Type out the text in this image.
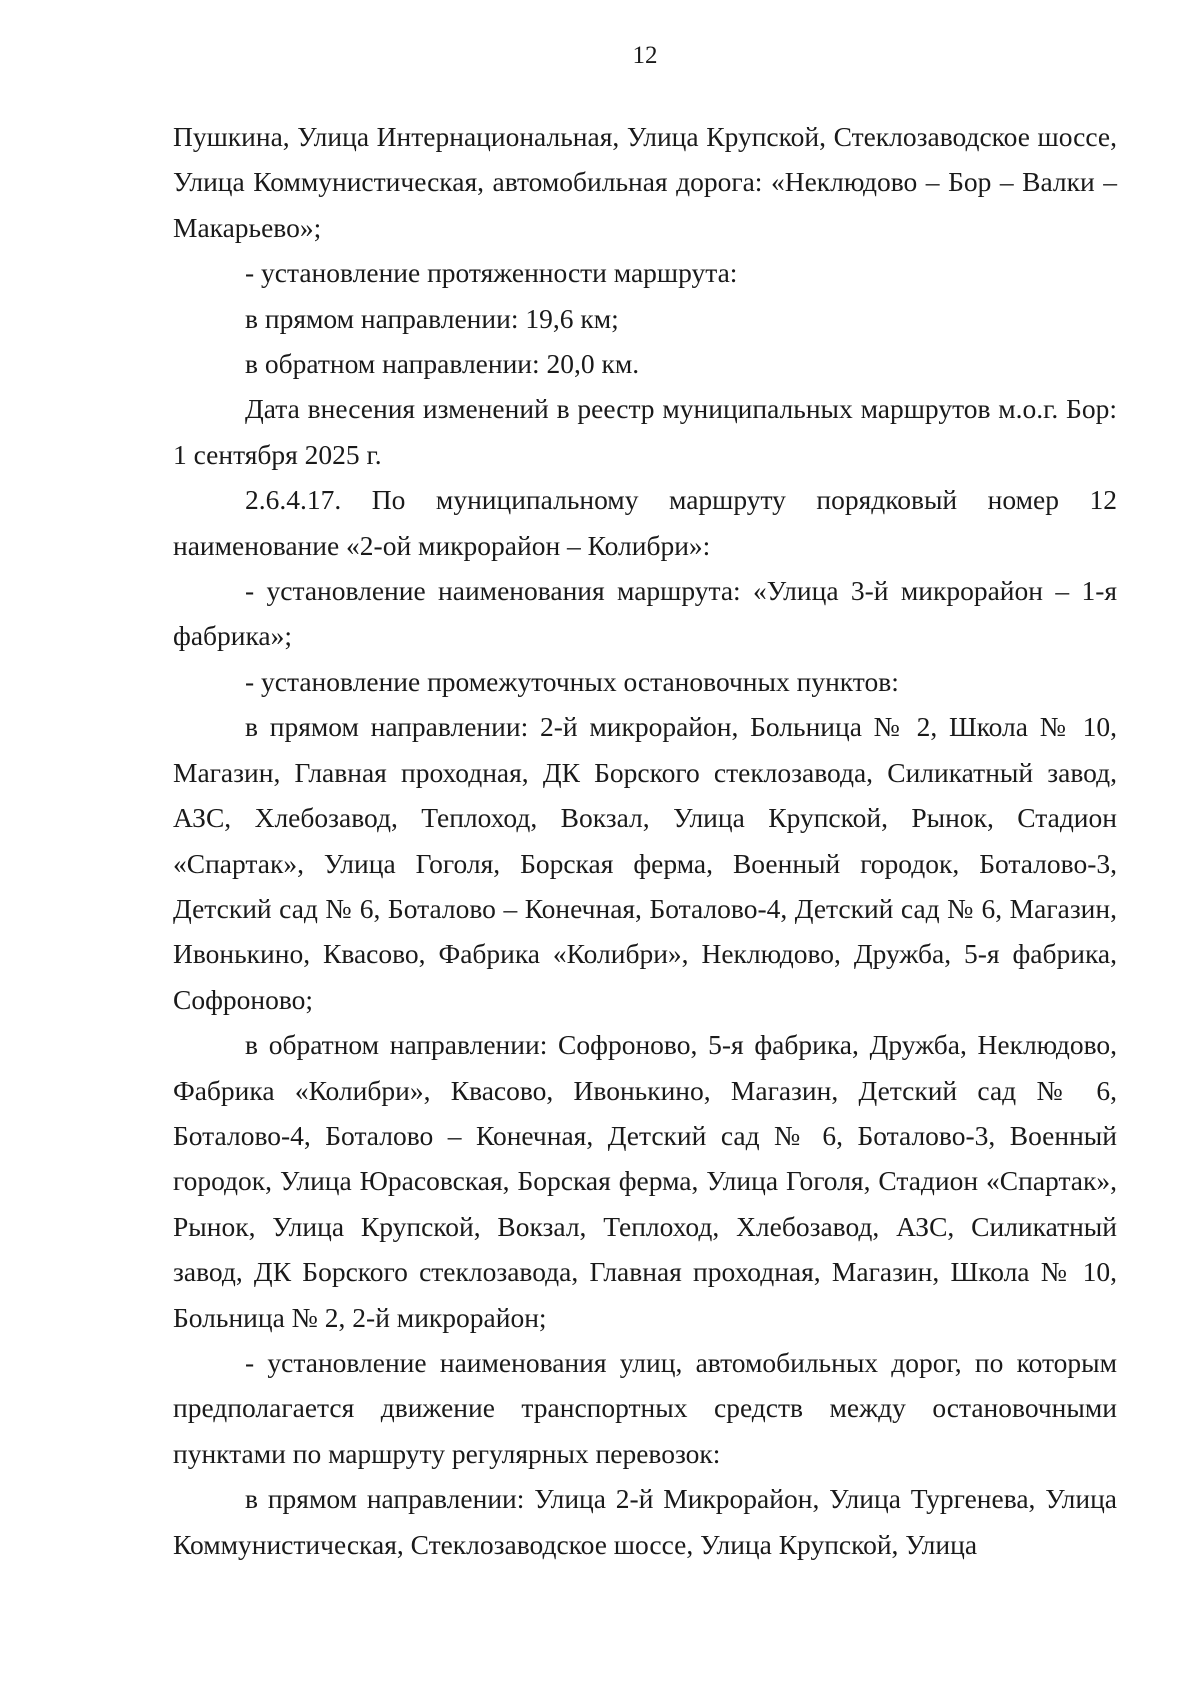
12

Пушкина, Улица Интернациональная, Улица Крупской, Стеклозаводское шоссе, Улица Коммунистическая, автомобильная дорога: «Неклюдово – Бор – Валки – Макарьево»;

- установление протяженности маршрута:

в прямом направлении: 19,6 км;

в обратном направлении: 20,0 км.

Дата внесения изменений в реестр муниципальных маршрутов м.о.г. Бор: 1 сентября 2025 г.

2.6.4.17. По муниципальному маршруту порядковый номер 12 наименование «2-ой микрорайон – Колибри»:

- установление наименования маршрута: «Улица 3-й микрорайон – 1-я фабрика»;

- установление промежуточных остановочных пунктов:

в прямом направлении: 2-й микрорайон, Больница № 2, Школа № 10, Магазин, Главная проходная, ДК Борского стеклозавода, Силикатный завод, АЗС, Хлебозавод, Теплоход, Вокзал, Улица Крупской, Рынок, Стадион «Спартак», Улица Гоголя, Борская ферма, Военный городок, Боталово-3, Детский сад № 6, Боталово – Конечная, Боталово-4, Детский сад № 6, Магазин, Ивонькино, Квасово, Фабрика «Колибри», Неклюдово, Дружба, 5-я фабрика, Софроново;

в обратном направлении: Софроново, 5-я фабрика, Дружба, Неклюдово, Фабрика «Колибри», Квасово, Ивонькино, Магазин, Детский сад № 6, Боталово-4, Боталово – Конечная, Детский сад № 6, Боталово-3, Военный городок, Улица Юрасовская, Борская ферма, Улица Гоголя, Стадион «Спартак», Рынок, Улица Крупской, Вокзал, Теплоход, Хлебозавод, АЗС, Силикатный завод, ДК Борского стеклозавода, Главная проходная, Магазин, Школа № 10, Больница № 2, 2-й микрорайон;

- установление наименования улиц, автомобильных дорог, по которым предполагается движение транспортных средств между остановочными пунктами по маршруту регулярных перевозок:

в прямом направлении: Улица 2-й Микрорайон, Улица Тургенева, Улица Коммунистическая, Стеклозаводское шоссе, Улица Крупской, Улица
